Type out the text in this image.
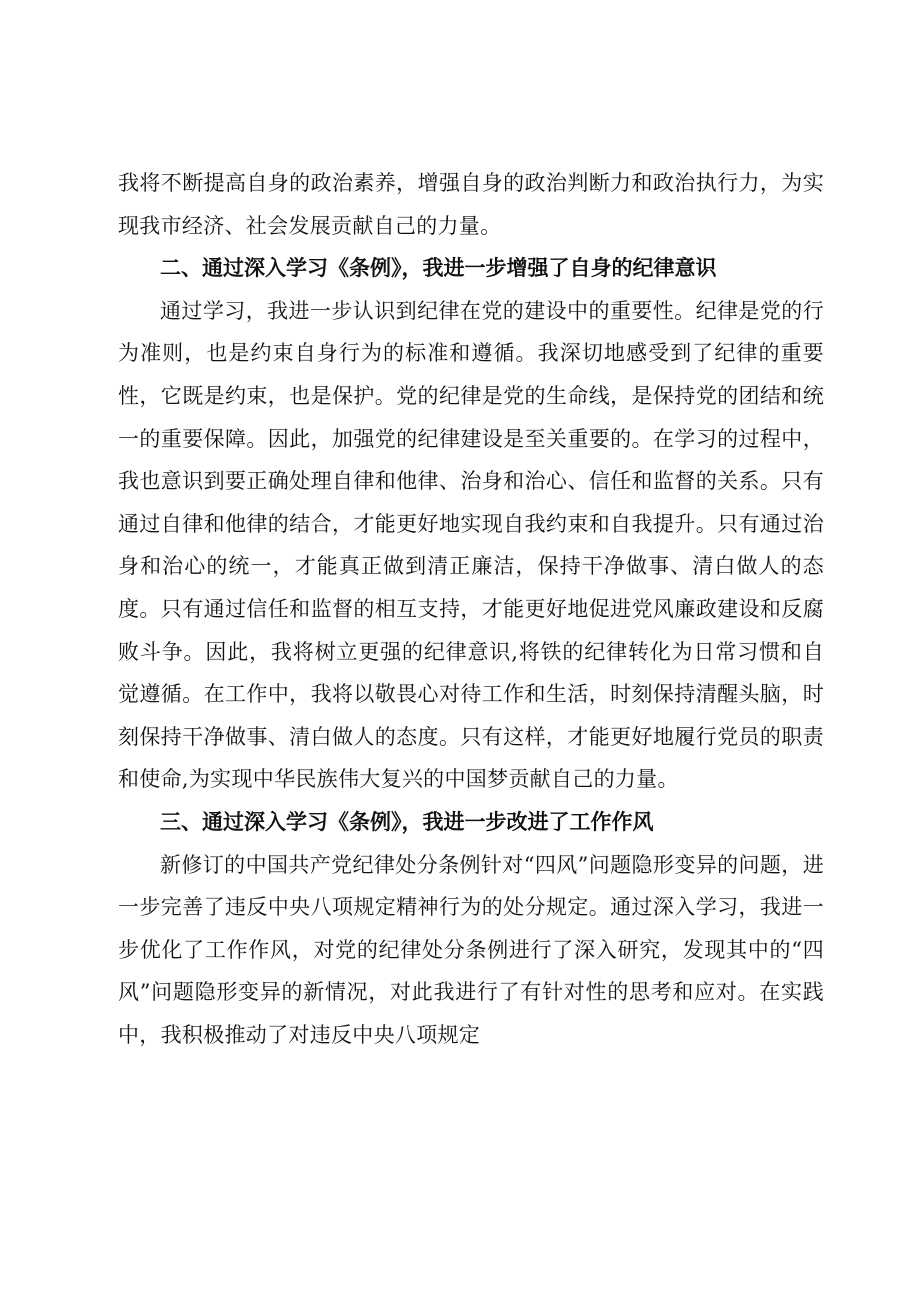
我将不断提高自身的政治素养，增强自身的政治判断力和政治执行力，为实现我市经济、社会发展贡献自己的力量。

二、通过深入学习《条例》，我进一步增强了自身的纪律意识

通过学习，我进一步认识到纪律在党的建设中的重要性。纪律是党的行为准则，也是约束自身行为的标准和遵循。我深切地感受到了纪律的重要性，它既是约束，也是保护。党的纪律是党的生命线，是保持党的团结和统一的重要保障。因此，加强党的纪律建设是至关重要的。在学习的过程中，我也意识到要正确处理自律和他律、治身和治心、信任和监督的关系。只有通过自律和他律的结合，才能更好地实现自我约束和自我提升。只有通过治身和治心的统一，才能真正做到清正廉洁，保持干净做事、清白做人的态度。只有通过信任和监督的相互支持，才能更好地促进党风廉政建设和反腐败斗争。因此，我将树立更强的纪律意识,将铁的纪律转化为日常习惯和自觉遵循。在工作中，我将以敬畏心对待工作和生活，时刻保持清醒头脑，时刻保持干净做事、清白做人的态度。只有这样，才能更好地履行党员的职责和使命,为实现中华民族伟大复兴的中国梦贡献自己的力量。

三、通过深入学习《条例》，我进一步改进了工作作风

新修订的中国共产党纪律处分条例针对“四风”问题隐形变异的问题，进一步完善了违反中央八项规定精神行为的处分规定。通过深入学习，我进一步优化了工作作风，对党的纪律处分条例进行了深入研究，发现其中的“四风”问题隐形变异的新情况，对此我进行了有针对性的思考和应对。在实践中，我积极推动了对违反中央八项规定
